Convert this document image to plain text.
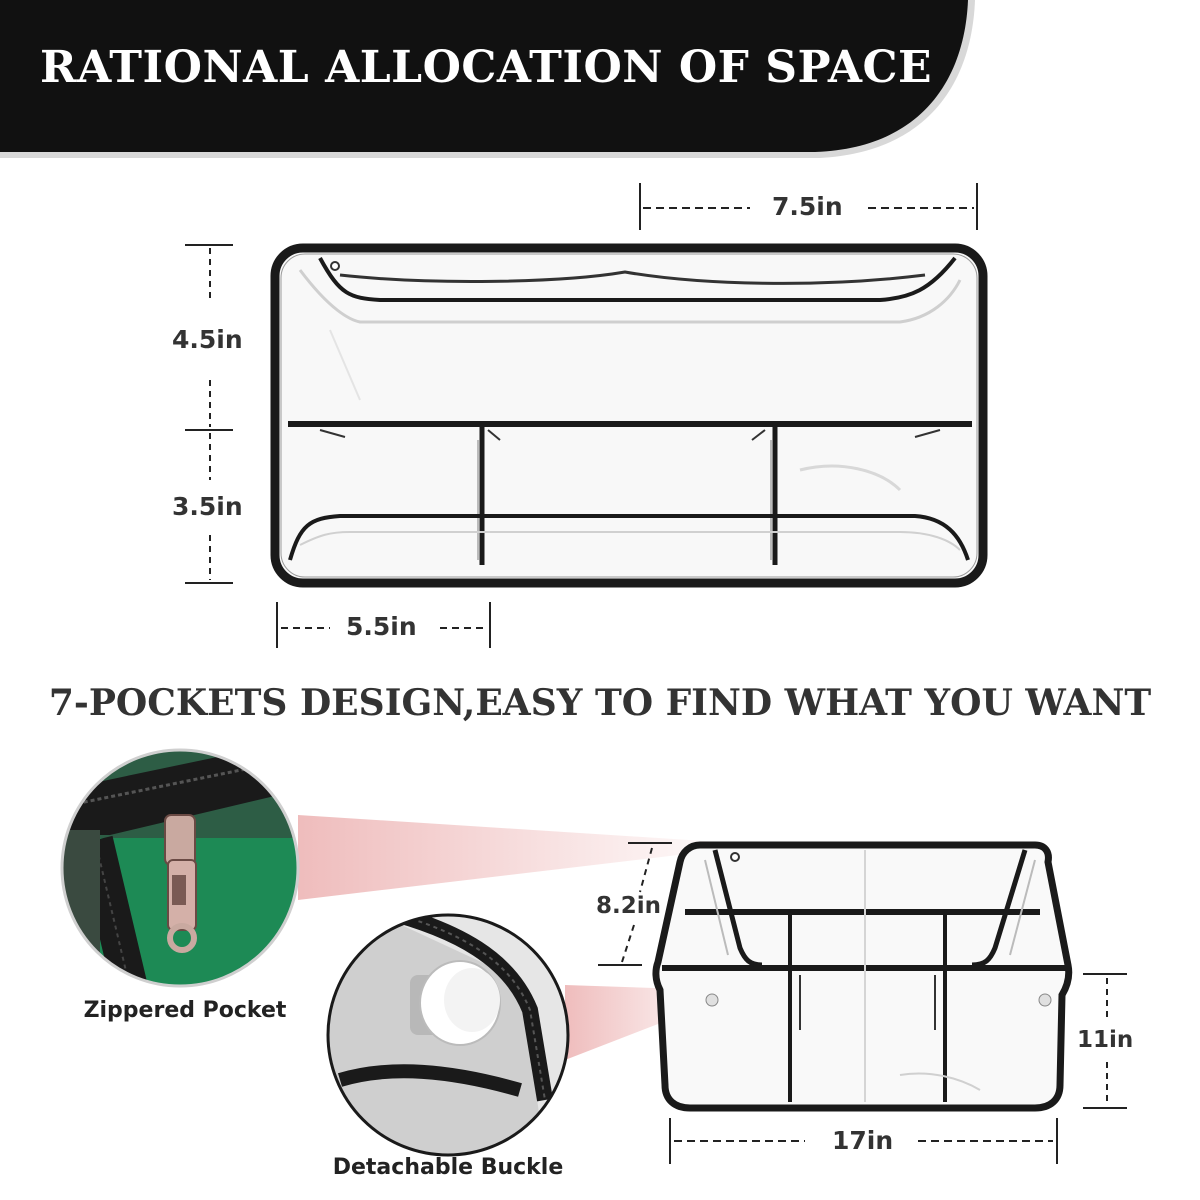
RATIONAL ALLOCATION OF SPACE
7.5in
4.5in
3.5in
5.5in
7-POCKETS DESIGN,EASY TO FIND WHAT YOU WANT
Zippered Pocket
Detachable Buckle
8.2in
11in
17in
